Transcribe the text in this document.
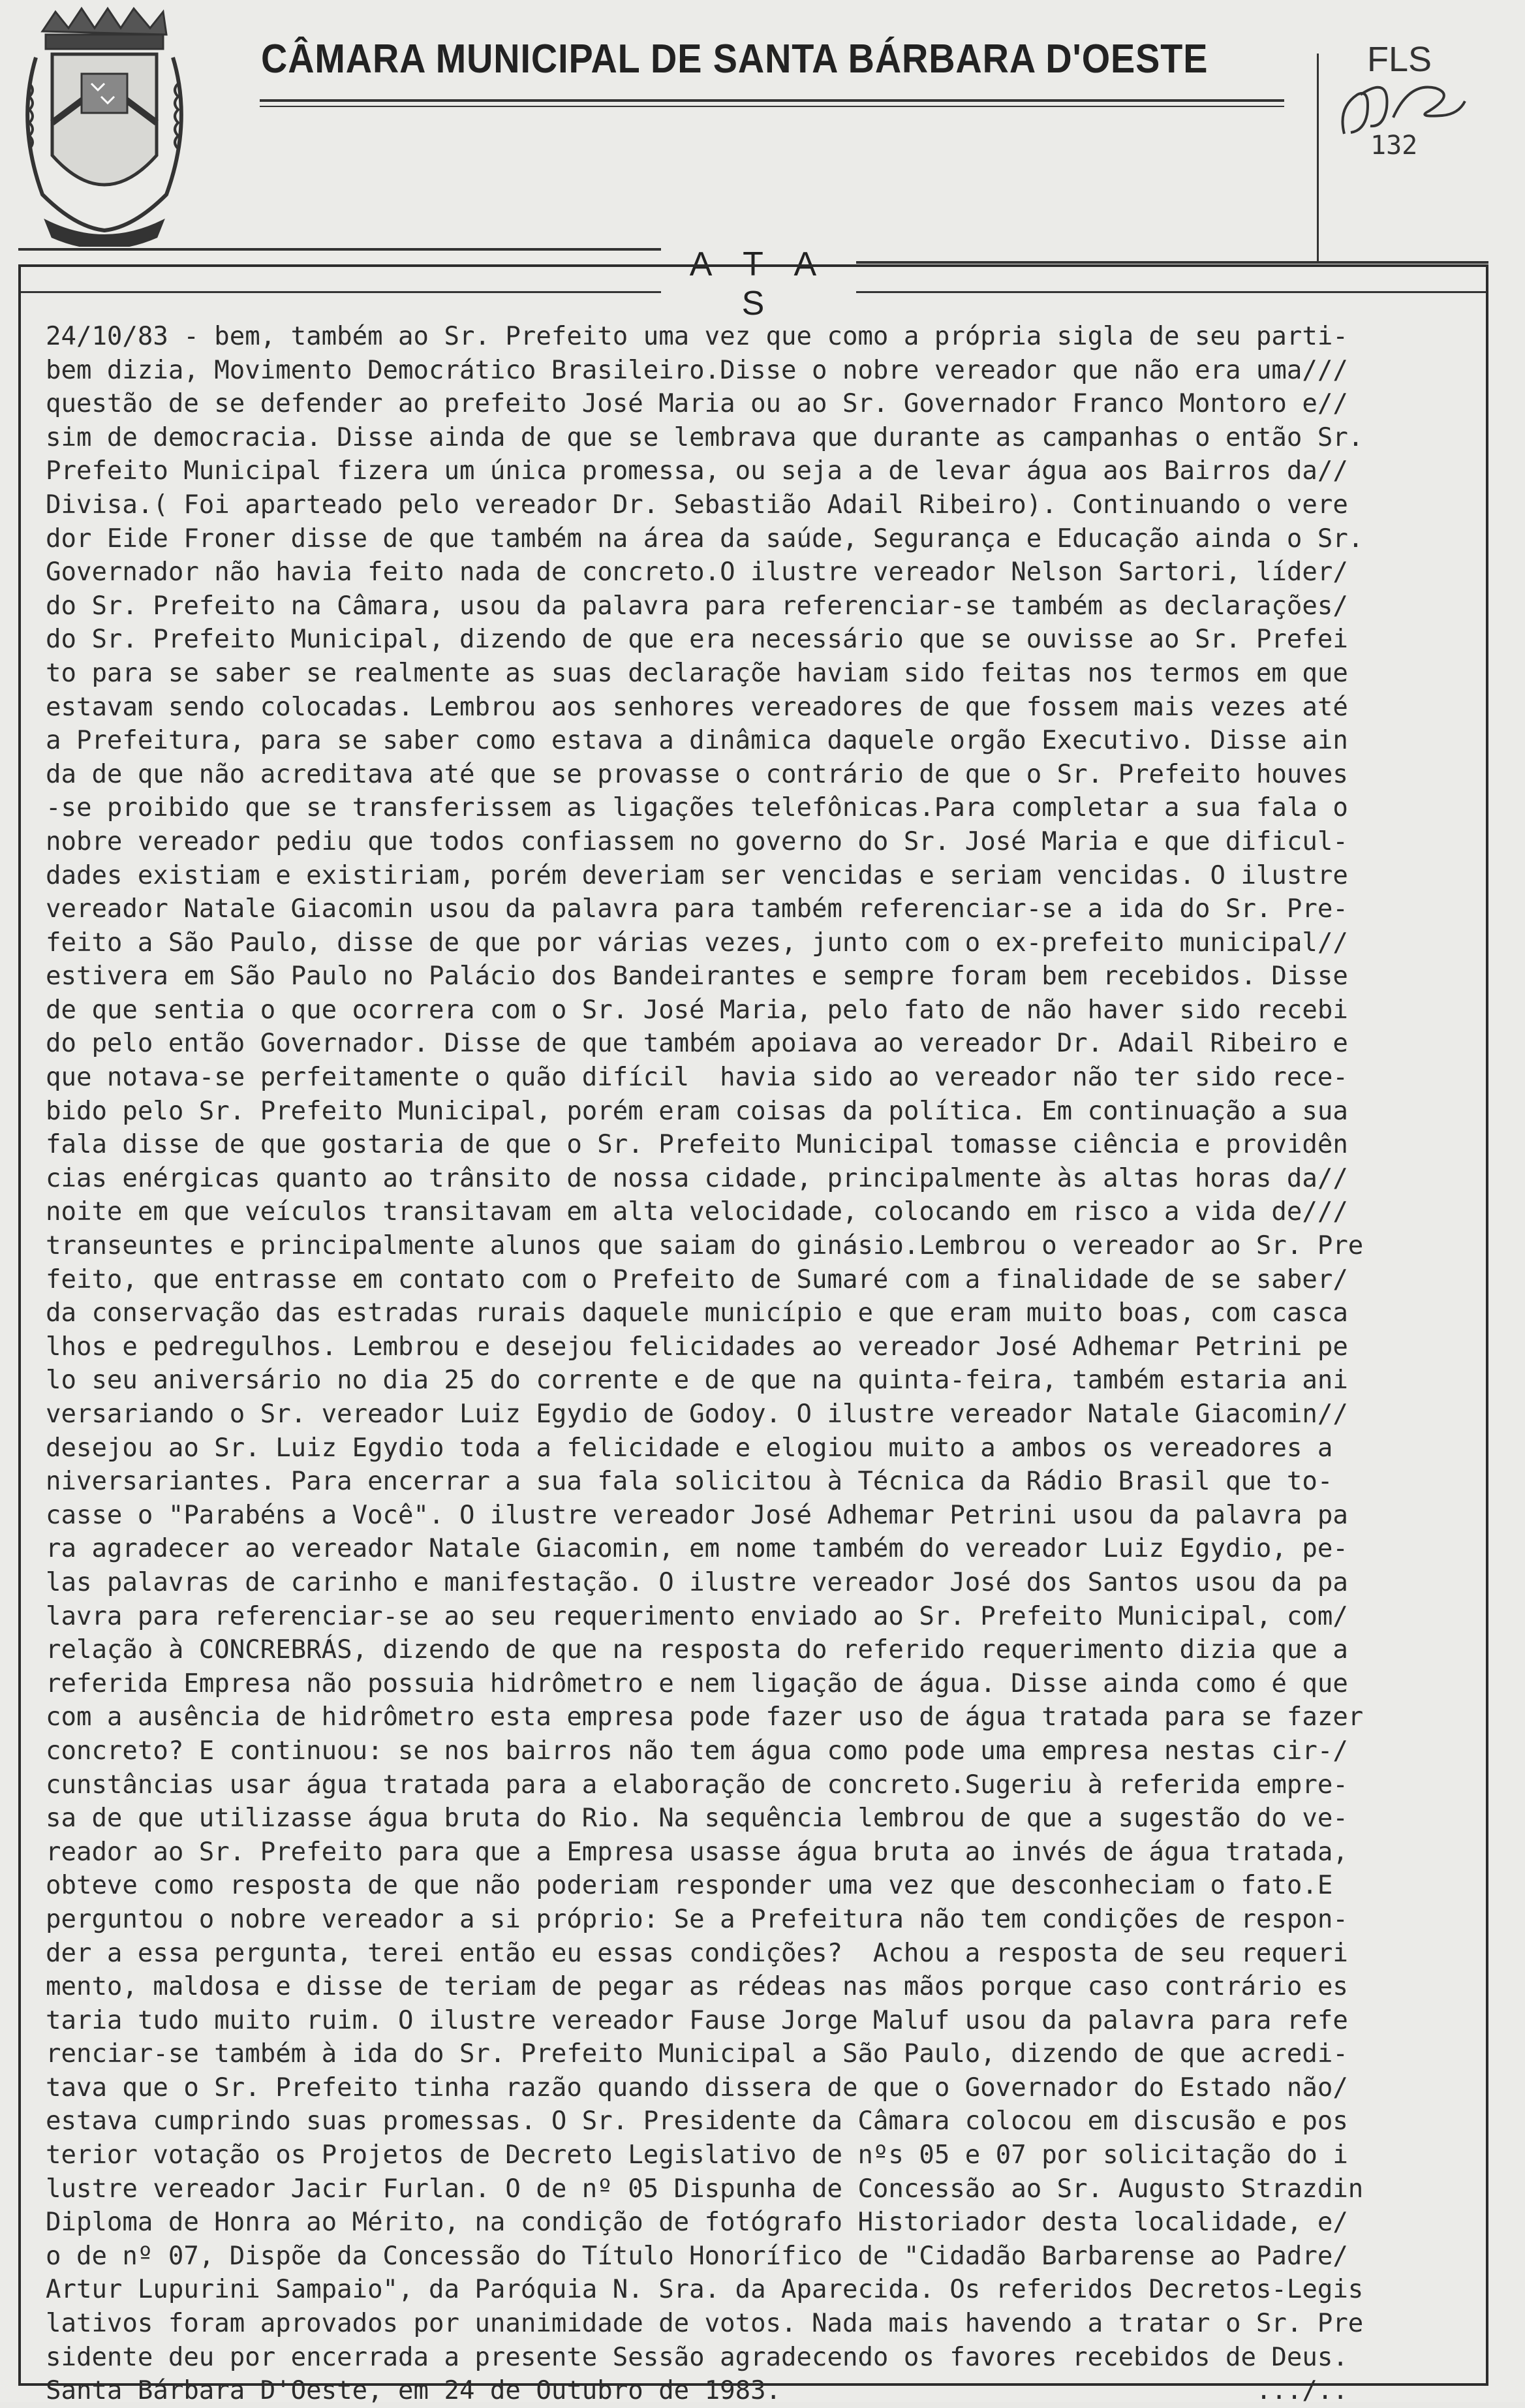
CÂMARA MUNICIPAL DE SANTA BÁRBARA D'OESTE	FLS
132
A T A S
24/10/83 - bem, também ao Sr. Prefeito uma vez que como a própria sigla de seu parti-
bem dizia, Movimento Democrático Brasileiro.Disse o nobre vereador que não era uma///
questão de se defender ao prefeito José Maria ou ao Sr. Governador Franco Montoro e//
sim de democracia. Disse ainda de que se lembrava que durante as campanhas o então Sr.
Prefeito Municipal fizera um única promessa, ou seja a de levar água aos Bairros da//
Divisa.( Foi aparteado pelo vereador Dr. Sebastião Adail Ribeiro). Continuando o vere
dor Eide Froner disse de que também na área da saúde, Segurança e Educação ainda o Sr.
Governador não havia feito nada de concreto.O ilustre vereador Nelson Sartori, líder/
do Sr. Prefeito na Câmara, usou da palavra para referenciar-se também as declarações/
do Sr. Prefeito Municipal, dizendo de que era necessário que se ouvisse ao Sr. Prefei
to para se saber se realmente as suas declaraçõe haviam sido feitas nos termos em que
estavam sendo colocadas. Lembrou aos senhores vereadores de que fossem mais vezes até
a Prefeitura, para se saber como estava a dinâmica daquele orgão Executivo. Disse ain
da de que não acreditava até que se provasse o contrário de que o Sr. Prefeito houves
-se proibido que se transferissem as ligações telefônicas.Para completar a sua fala o
nobre vereador pediu que todos confiassem no governo do Sr. José Maria e que dificul-
dades existiam e existiriam, porém deveriam ser vencidas e seriam vencidas. O ilustre
vereador Natale Giacomin usou da palavra para também referenciar-se a ida do Sr. Pre-
feito a São Paulo, disse de que por várias vezes, junto com o ex-prefeito municipal//
estivera em São Paulo no Palácio dos Bandeirantes e sempre foram bem recebidos. Disse
de que sentia o que ocorrera com o Sr. José Maria, pelo fato de não haver sido recebi
do pelo então Governador. Disse de que também apoiava ao vereador Dr. Adail Ribeiro e
que notava-se perfeitamente o quão difícil  havia sido ao vereador não ter sido rece-
bido pelo Sr. Prefeito Municipal, porém eram coisas da política. Em continuação a sua
fala disse de que gostaria de que o Sr. Prefeito Municipal tomasse ciência e providên
cias enérgicas quanto ao trânsito de nossa cidade, principalmente às altas horas da//
noite em que veículos transitavam em alta velocidade, colocando em risco a vida de///
transeuntes e principalmente alunos que saiam do ginásio.Lembrou o vereador ao Sr. Pre
feito, que entrasse em contato com o Prefeito de Sumaré com a finalidade de se saber/
da conservação das estradas rurais daquele município e que eram muito boas, com casca
lhos e pedregulhos. Lembrou e desejou felicidades ao vereador José Adhemar Petrini pe
lo seu aniversário no dia 25 do corrente e de que na quinta-feira, também estaria ani
versariando o Sr. vereador Luiz Egydio de Godoy. O ilustre vereador Natale Giacomin//
desejou ao Sr. Luiz Egydio toda a felicidade e elogiou muito a ambos os vereadores a
niversariantes. Para encerrar a sua fala solicitou à Técnica da Rádio Brasil que to-
casse o "Parabéns a Você". O ilustre vereador José Adhemar Petrini usou da palavra pa
ra agradecer ao vereador Natale Giacomin, em nome também do vereador Luiz Egydio, pe-
las palavras de carinho e manifestação. O ilustre vereador José dos Santos usou da pa
lavra para referenciar-se ao seu requerimento enviado ao Sr. Prefeito Municipal, com/
relação à CONCREBRÁS, dizendo de que na resposta do referido requerimento dizia que a
referida Empresa não possuia hidrômetro e nem ligação de água. Disse ainda como é que
com a ausência de hidrômetro esta empresa pode fazer uso de água tratada para se fazer
concreto? E continuou: se nos bairros não tem água como pode uma empresa nestas cir-/
cunstâncias usar água tratada para a elaboração de concreto.Sugeriu à referida empre-
sa de que utilizasse água bruta do Rio. Na sequência lembrou de que a sugestão do ve-
reador ao Sr. Prefeito para que a Empresa usasse água bruta ao invés de água tratada,
obteve como resposta de que não poderiam responder uma vez que desconheciam o fato.E
perguntou o nobre vereador a si próprio: Se a Prefeitura não tem condições de respon-
der a essa pergunta, terei então eu essas condições?  Achou a resposta de seu requeri
mento, maldosa e disse de teriam de pegar as rédeas nas mãos porque caso contrário es
taria tudo muito ruim. O ilustre vereador Fause Jorge Maluf usou da palavra para refe
renciar-se também à ida do Sr. Prefeito Municipal a São Paulo, dizendo de que acredi-
tava que o Sr. Prefeito tinha razão quando dissera de que o Governador do Estado não/
estava cumprindo suas promessas. O Sr. Presidente da Câmara colocou em discusão e pos
terior votação os Projetos de Decreto Legislativo de nºs 05 e 07 por solicitação do i
lustre vereador Jacir Furlan. O de nº 05 Dispunha de Concessão ao Sr. Augusto Strazdin
Diploma de Honra ao Mérito, na condição de fotógrafo Historiador desta localidade, e/
o de nº 07, Dispõe da Concessão do Título Honorífico de "Cidadão Barbarense ao Padre/
Artur Lupurini Sampaio", da Paróquia N. Sra. da Aparecida. Os referidos Decretos-Legis
lativos foram aprovados por unanimidade de votos. Nada mais havendo a tratar o Sr. Pre
sidente deu por encerrada a presente Sessão agradecendo os favores recebidos de Deus.
Santa Bárbara D'Oeste, em 24 de Outubro de 1983.                               .../..
